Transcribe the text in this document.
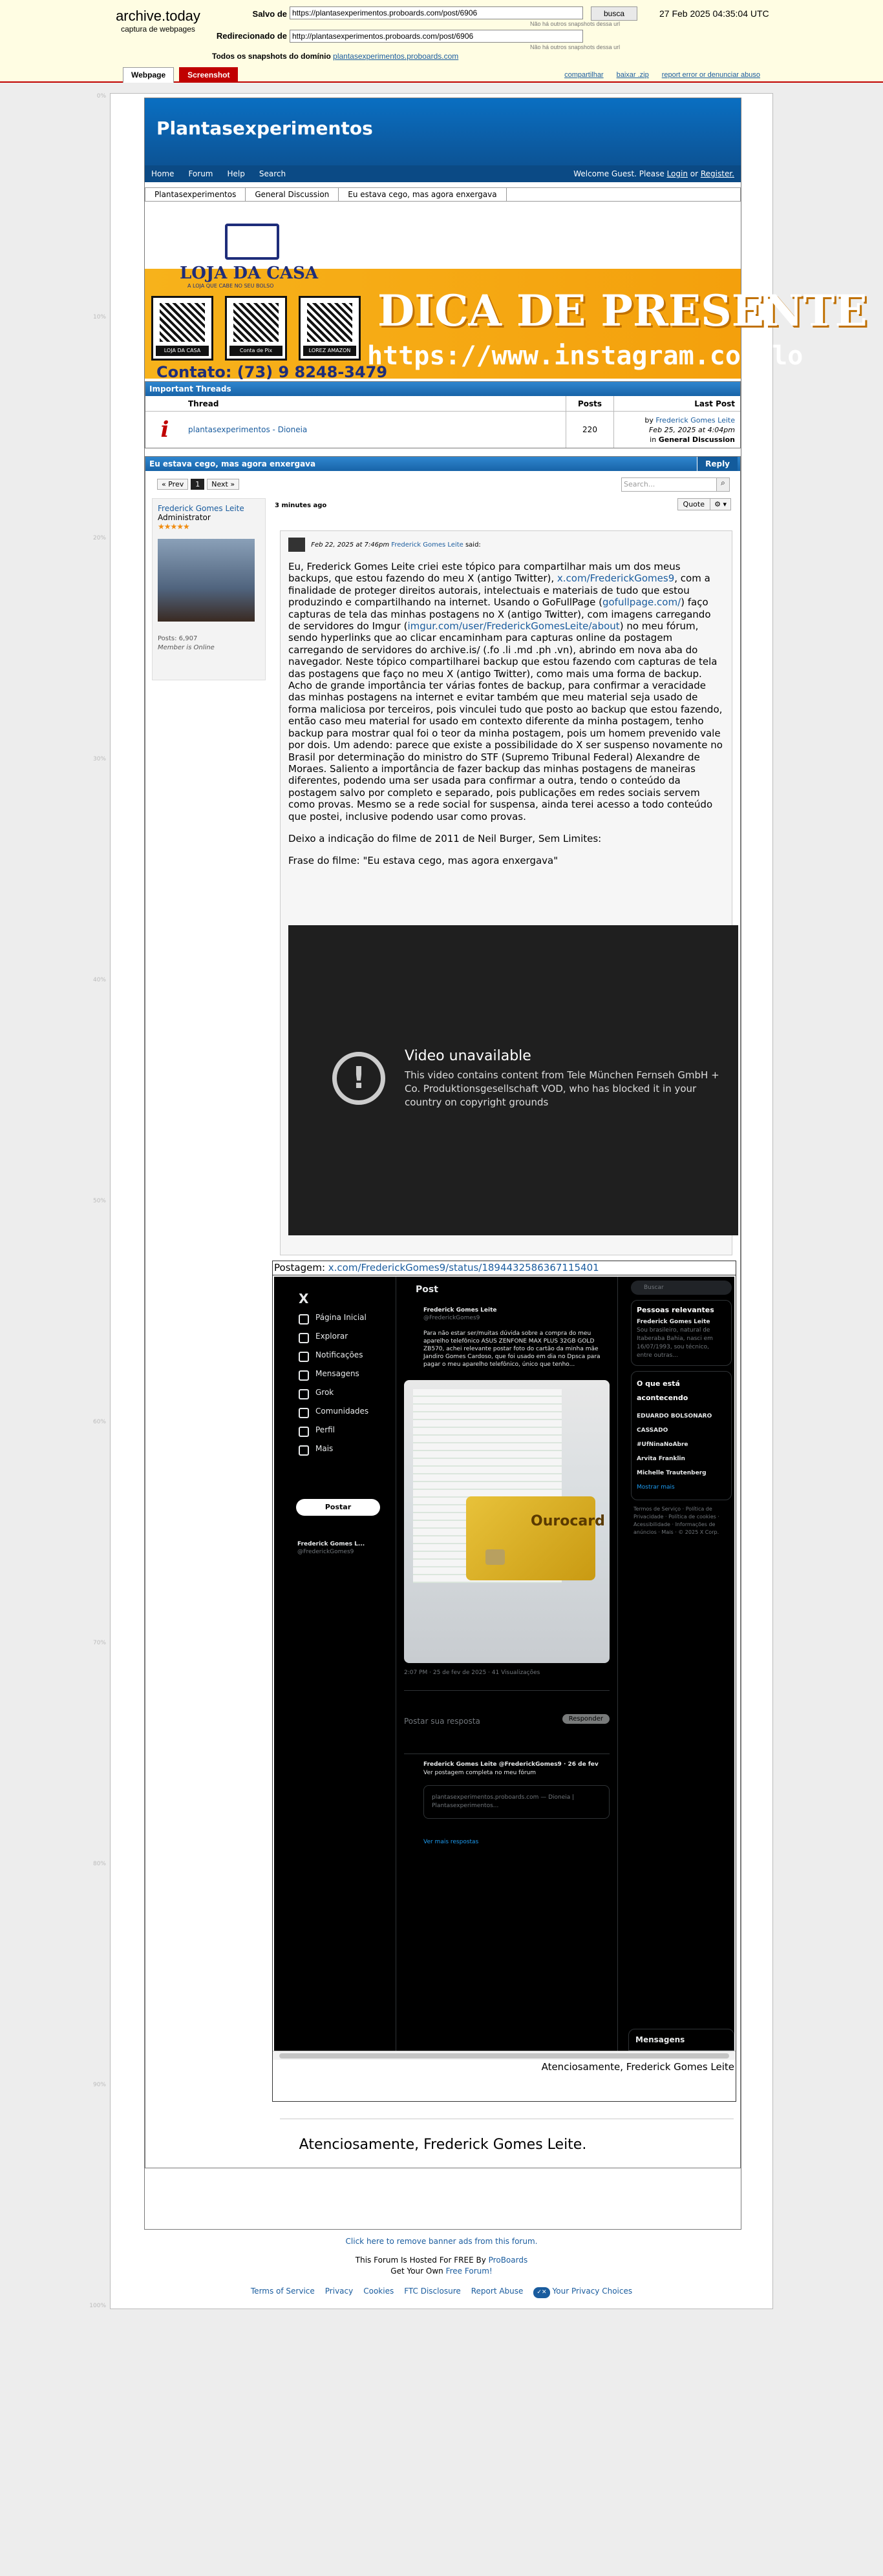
archive.today
captura de webpages
Salvo de https://plantasexperimentos.proboards.com/post/6906
Não há outros snapshots dessa url
busca	27 Feb 2025 04:35:04 UTC
Redirecionado de http://plantasexperimentos.proboards.com/post/6906
Não há outros snapshots dessa url
Todos os snapshots do domínio plantasexperimentos.proboards.com
Webpage	Screenshot	compartilhar baixar .zip report error or denunciar abuso
0%
10%
20%
30%
40%
50%
60%
70%
80%
90%
100%
Plantasexperimentos
Home Forum Help Search	Welcome Guest. Please Login or Register.
Plantasexperimentos	General Discussion	Eu estava cego, mas agora enxergava
LOJA DA CASA
A LOJA QUE CABE NO SEU BOLSO
LOJA DA CASA	Conta de Pix	LOREZ AMAZON
DICA DE PRESENTE
https://www.instagram.com/lo
Contato: (73) 9 8248-3479
Important Threads
Thread	Posts	Last Post
i	plantasexperimentos - Dioneia	220
by Frederick Gomes Leite
Feb 25, 2025 at 4:04pm
in General Discussion
Eu estava cego, mas agora enxergava	Reply
« Prev	1	Next »	Search...	⌕
Frederick Gomes Leite
Administrator
★★★★★
Posts: 6,907
Member is Online
3 minutes ago	Quote	⚙ ▾
Feb 22, 2025 at 7:46pm Frederick Gomes Leite said:

Eu, Frederick Gomes Leite criei este tópico para compartilhar mais um dos meus backups, que estou fazendo do meu X (antigo Twitter), x.com/FrederickGomes9, com a finalidade de proteger direitos autorais, intelectuais e materiais de tudo que estou produzindo e compartilhando na internet. Usando o GoFullPage (gofullpage.com/) faço capturas de tela das minhas postagens no X (antigo Twitter), com imagens carregando de servidores do Imgur (imgur.com/user/FrederickGomesLeite/about) no meu fórum, sendo hyperlinks que ao clicar encaminham para capturas online da postagem carregando de servidores do archive.is/ (.fo .li .md .ph .vn), abrindo em nova aba do navegador. Neste tópico compartilharei backup que estou fazendo com capturas de tela das postagens que faço no meu X (antigo Twitter), como mais uma forma de backup. Acho de grande importância ter várias fontes de backup, para confirmar a veracidade das minhas postagens na internet e evitar também que meu material seja usado de forma maliciosa por terceiros, pois vinculei tudo que posto ao backup que estou fazendo, então caso meu material for usado em contexto diferente da minha postagem, tenho backup para mostrar qual foi o teor da minha postagem, pois um homem prevenido vale por dois. Um adendo: parece que existe a possibilidade do X ser suspenso novamente no Brasil por determinação do ministro do STF (Supremo Tribunal Federal) Alexandre de Moraes. Saliento a importância de fazer backup das minhas postagens de maneiras diferentes, podendo uma ser usada para confirmar a outra, tendo o conteúdo da postagem salvo por completo e separado, pois publicações em redes sociais servem como provas. Mesmo se a rede social for suspensa, ainda terei acesso a todo conteúdo que postei, inclusive podendo usar como provas.

Deixo a indicação do filme de 2011 de Neil Burger, Sem Limites:

Frase do filme: "Eu estava cego, mas agora enxergava"

!
Video unavailable
This video contains content from Tele München Fernseh GmbH + Co. Produktionsgesellschaft VOD, who has blocked it in your country on copyright grounds
Postagem: x.com/FrederickGomes9/status/1894432586367115401
X
Página Inicial
Explorar
Notificações
Mensagens
Grok
Comunidades
Perfil
Mais
Postar
Frederick Gomes L...
@FrederickGomes9
Post
Frederick Gomes Leite
@FrederickGomes9
Para não estar ser/muitas dúvida sobre a compra do meu aparelho telefônico ASUS ZENFONE MAX PLUS 32GB GOLD ZB570, achei relevante postar foto do cartão da minha mãe Jandiro Gomes Cardoso, que foi usado em dia no Dpsca para pagar o meu aparelho telefônico, único que tenho...
Ourocard
2:07 PM · 25 de fev de 2025 · 41 Visualizações
Postar sua resposta	Responder
Frederick Gomes Leite @FrederickGomes9 · 26 de fev
Ver postagem completa no meu fórum
plantasexperimentos.proboards.com — Dioneia | Plantasexperimentos...
Ver mais respostas
Buscar
Pessoas relevantes
Frederick Gomes Leite
Sou brasileiro, natural de Itaberaba Bahia, nasci em 16/07/1993, sou técnico, entre outras...
O que está acontecendo
EDUARDO BOLSONARO CASSADO
#UfNinaNoAbre
Arvita Franklin
Michelle Trautenberg
Mostrar mais
Termos de Serviço · Política de Privacidade · Política de cookies · Acessibilidade · Informações de anúncios · Mais · © 2025 X Corp.
Mensagens
Atenciosamente, Frederick Gomes Leite
Atenciosamente, Frederick Gomes Leite.
Click here to remove banner ads from this forum.
This Forum Is Hosted For FREE By ProBoards
Get Your Own Free Forum!
Terms of Service Privacy Cookies FTC Disclosure Report Abuse	✓✕ Your Privacy Choices
